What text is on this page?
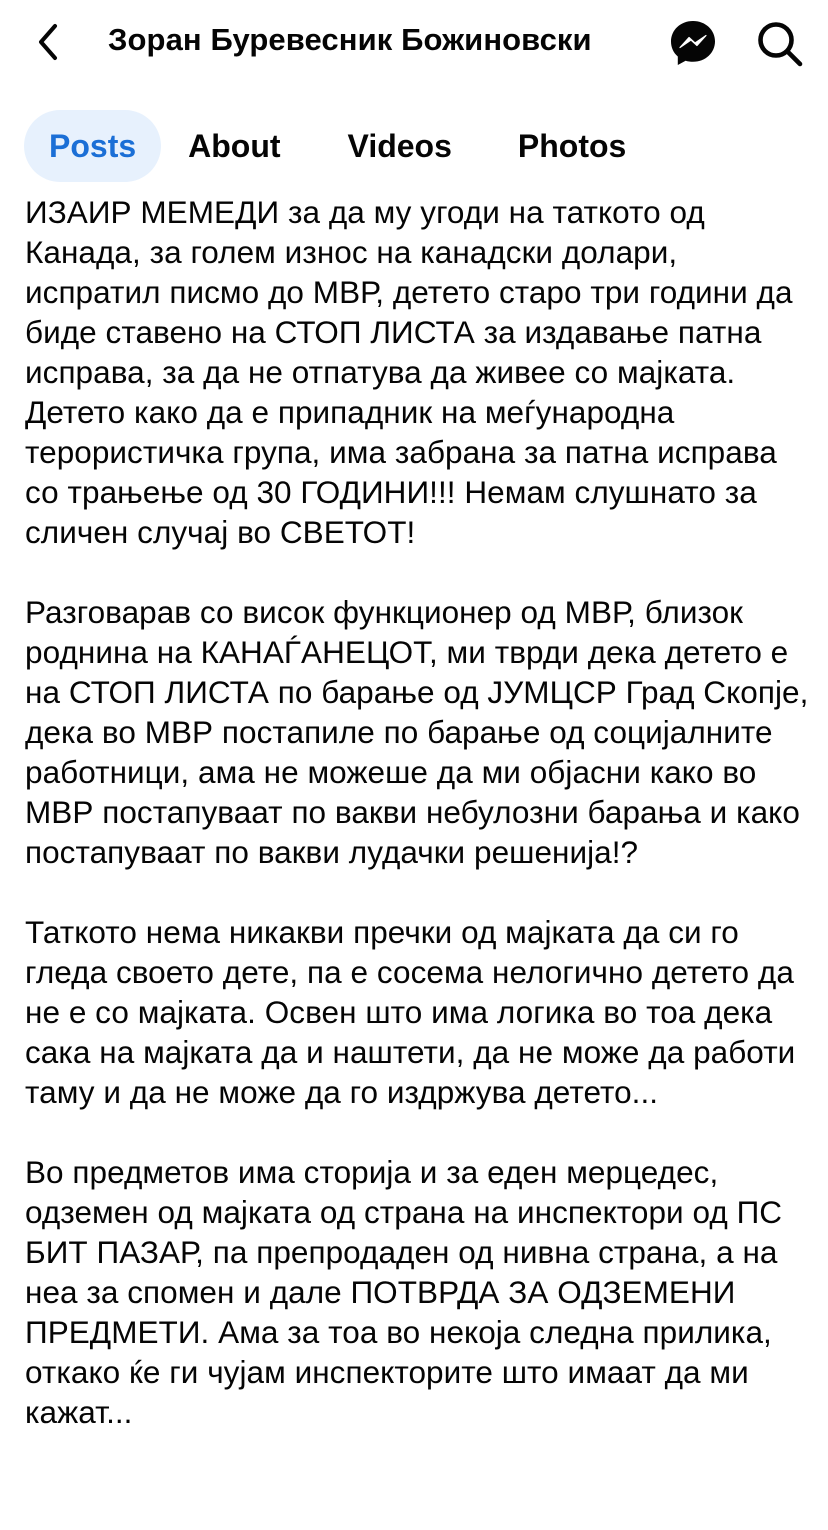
Зоран Буревесник Божиновски
Posts	About	Videos	Photos

ИЗАИР МЕМЕДИ за да му угоди на таткото од Канада, за голем износ на канадски долари, испратил писмо до МВР, детето старо три години да биде ставено на СТОП ЛИСТА за издавање патна исправа, за да не отпатува да живее со мајката. Детето како да е припадник на меѓународна терористичка група, има забрана за патна исправа со трањење од 30 ГОДИНИ!!! Немам слушнато за сличен случај во СВЕТОТ!

Разговарав со висок функционер од МВР, близок роднина на КАНАЃАНЕЦОТ, ми тврди дека детето е на СТОП ЛИСТА по барање од ЈУМЦСР Град Скопје, дека во МВР постапиле по барање од социјалните работници, ама не можеше да ми објасни како во МВР постапуваат по вакви небулозни барања и како постапуваат по вакви лудачки решенија!?

Таткото нема никакви пречки од мајката да си го гледа своето дете, па е сосема нелогично детето да не е со мајката. Освен што има логика во тоа дека сака на мајката да и наштети, да не може да работи таму и да не може да го издржува детето...

Во предметов има сторија и за еден мерцедес, одземен од мајката од страна на инспектори од ПС БИТ ПАЗАР, па препродаден од нивна страна, а на неа за спомен и дале ПОТВРДА ЗА ОДЗЕМЕНИ ПРЕДМЕТИ. Ама за тоа во некоја следна прилика, откако ќе ги чујам инспекторите што имаат да ми кажат...
